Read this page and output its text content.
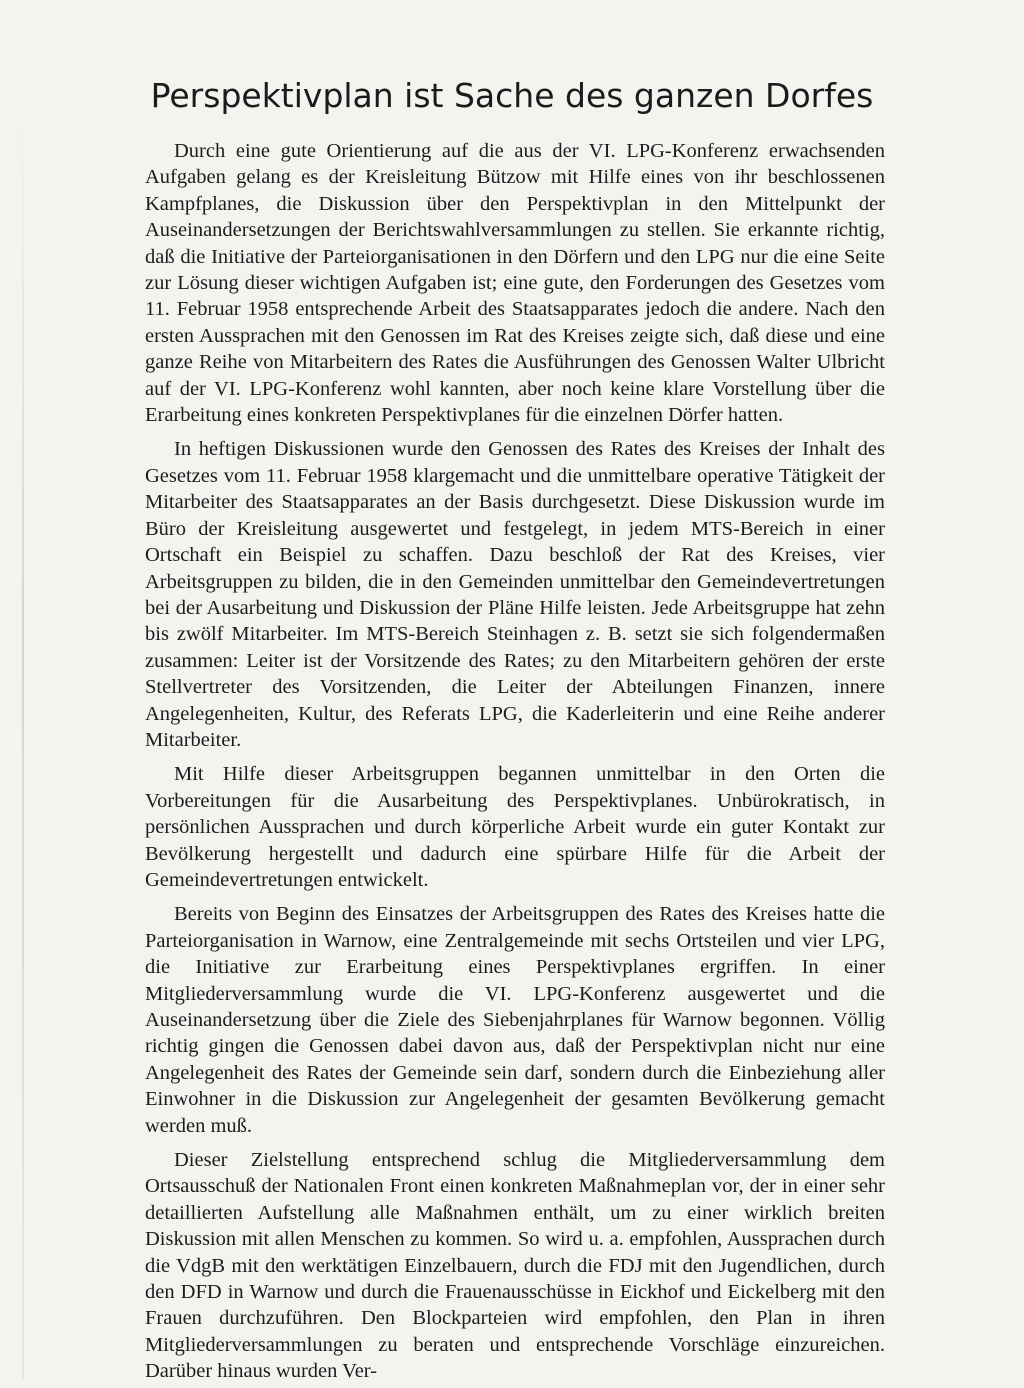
Perspektivplan ist Sache des ganzen Dorfes

Durch eine gute Orientierung auf die aus der VI. LPG-Konferenz erwachsenden Aufgaben gelang es der Kreisleitung Bützow mit Hilfe eines von ihr beschlossenen Kampfplanes, die Diskussion über den Perspektivplan in den Mittelpunkt der Auseinandersetzungen der Berichtswahlversammlungen zu stellen. Sie erkannte richtig, daß die Initiative der Parteiorganisationen in den Dörfern und den LPG nur die eine Seite zur Lösung dieser wichtigen Aufgaben ist; eine gute, den Forderungen des Gesetzes vom 11. Februar 1958 entsprechende Arbeit des Staatsapparates jedoch die andere. Nach den ersten Aussprachen mit den Genossen im Rat des Kreises zeigte sich, daß diese und eine ganze Reihe von Mitarbeitern des Rates die Ausführungen des Genossen Walter Ulbricht auf der VI. LPG-Konferenz wohl kannten, aber noch keine klare Vorstellung über die Erarbeitung eines konkreten Perspektivplanes für die einzelnen Dörfer hatten.

In heftigen Diskussionen wurde den Genossen des Rates des Kreises der Inhalt des Gesetzes vom 11. Februar 1958 klargemacht und die unmittelbare operative Tätigkeit der Mitarbeiter des Staatsapparates an der Basis durchgesetzt. Diese Diskussion wurde im Büro der Kreisleitung ausgewertet und festgelegt, in jedem MTS-Bereich in einer Ortschaft ein Beispiel zu schaffen. Dazu beschloß der Rat des Kreises, vier Arbeitsgruppen zu bilden, die in den Gemeinden unmittelbar den Gemeindevertretungen bei der Ausarbeitung und Diskussion der Pläne Hilfe leisten. Jede Arbeitsgruppe hat zehn bis zwölf Mitarbeiter. Im MTS-Bereich Steinhagen z. B. setzt sie sich folgendermaßen zusammen: Leiter ist der Vorsitzende des Rates; zu den Mitarbeitern gehören der erste Stellvertreter des Vorsitzenden, die Leiter der Abteilungen Finanzen, innere Angelegenheiten, Kultur, des Referats LPG, die Kaderleiterin und eine Reihe anderer Mitarbeiter.

Mit Hilfe dieser Arbeitsgruppen begannen unmittelbar in den Orten die Vorbereitungen für die Ausarbeitung des Perspektivplanes. Unbürokratisch, in persönlichen Aussprachen und durch körperliche Arbeit wurde ein guter Kontakt zur Bevölkerung hergestellt und dadurch eine spürbare Hilfe für die Arbeit der Gemeindevertretungen entwickelt.

Bereits von Beginn des Einsatzes der Arbeitsgruppen des Rates des Kreises hatte die Parteiorganisation in Warnow, eine Zentralgemeinde mit sechs Ortsteilen und vier LPG, die Initiative zur Erarbeitung eines Perspektivplanes ergriffen. In einer Mitgliederversammlung wurde die VI. LPG-Konferenz ausgewertet und die Auseinandersetzung über die Ziele des Siebenjahrplanes für Warnow begonnen. Völlig richtig gingen die Genossen dabei davon aus, daß der Perspektivplan nicht nur eine Angelegenheit des Rates der Gemeinde sein darf, sondern durch die Einbeziehung aller Einwohner in die Diskussion zur Angelegenheit der gesamten Bevölkerung gemacht werden muß.

Dieser Zielstellung entsprechend schlug die Mitgliederversammlung dem Ortsausschuß der Nationalen Front einen konkreten Maßnahmeplan vor, der in einer sehr detaillierten Aufstellung alle Maßnahmen enthält, um zu einer wirklich breiten Diskussion mit allen Menschen zu kommen. So wird u. a. empfohlen, Aussprachen durch die VdgB mit den werktätigen Einzelbauern, durch die FDJ mit den Jugendlichen, durch den DFD in Warnow und durch die Frauenausschüsse in Eickhof und Eickelberg mit den Frauen durchzuführen. Den Blockparteien wird empfohlen, den Plan in ihren Mitgliederversammlungen zu beraten und entsprechende Vorschläge einzureichen. Darüber hinaus wurden Ver-
